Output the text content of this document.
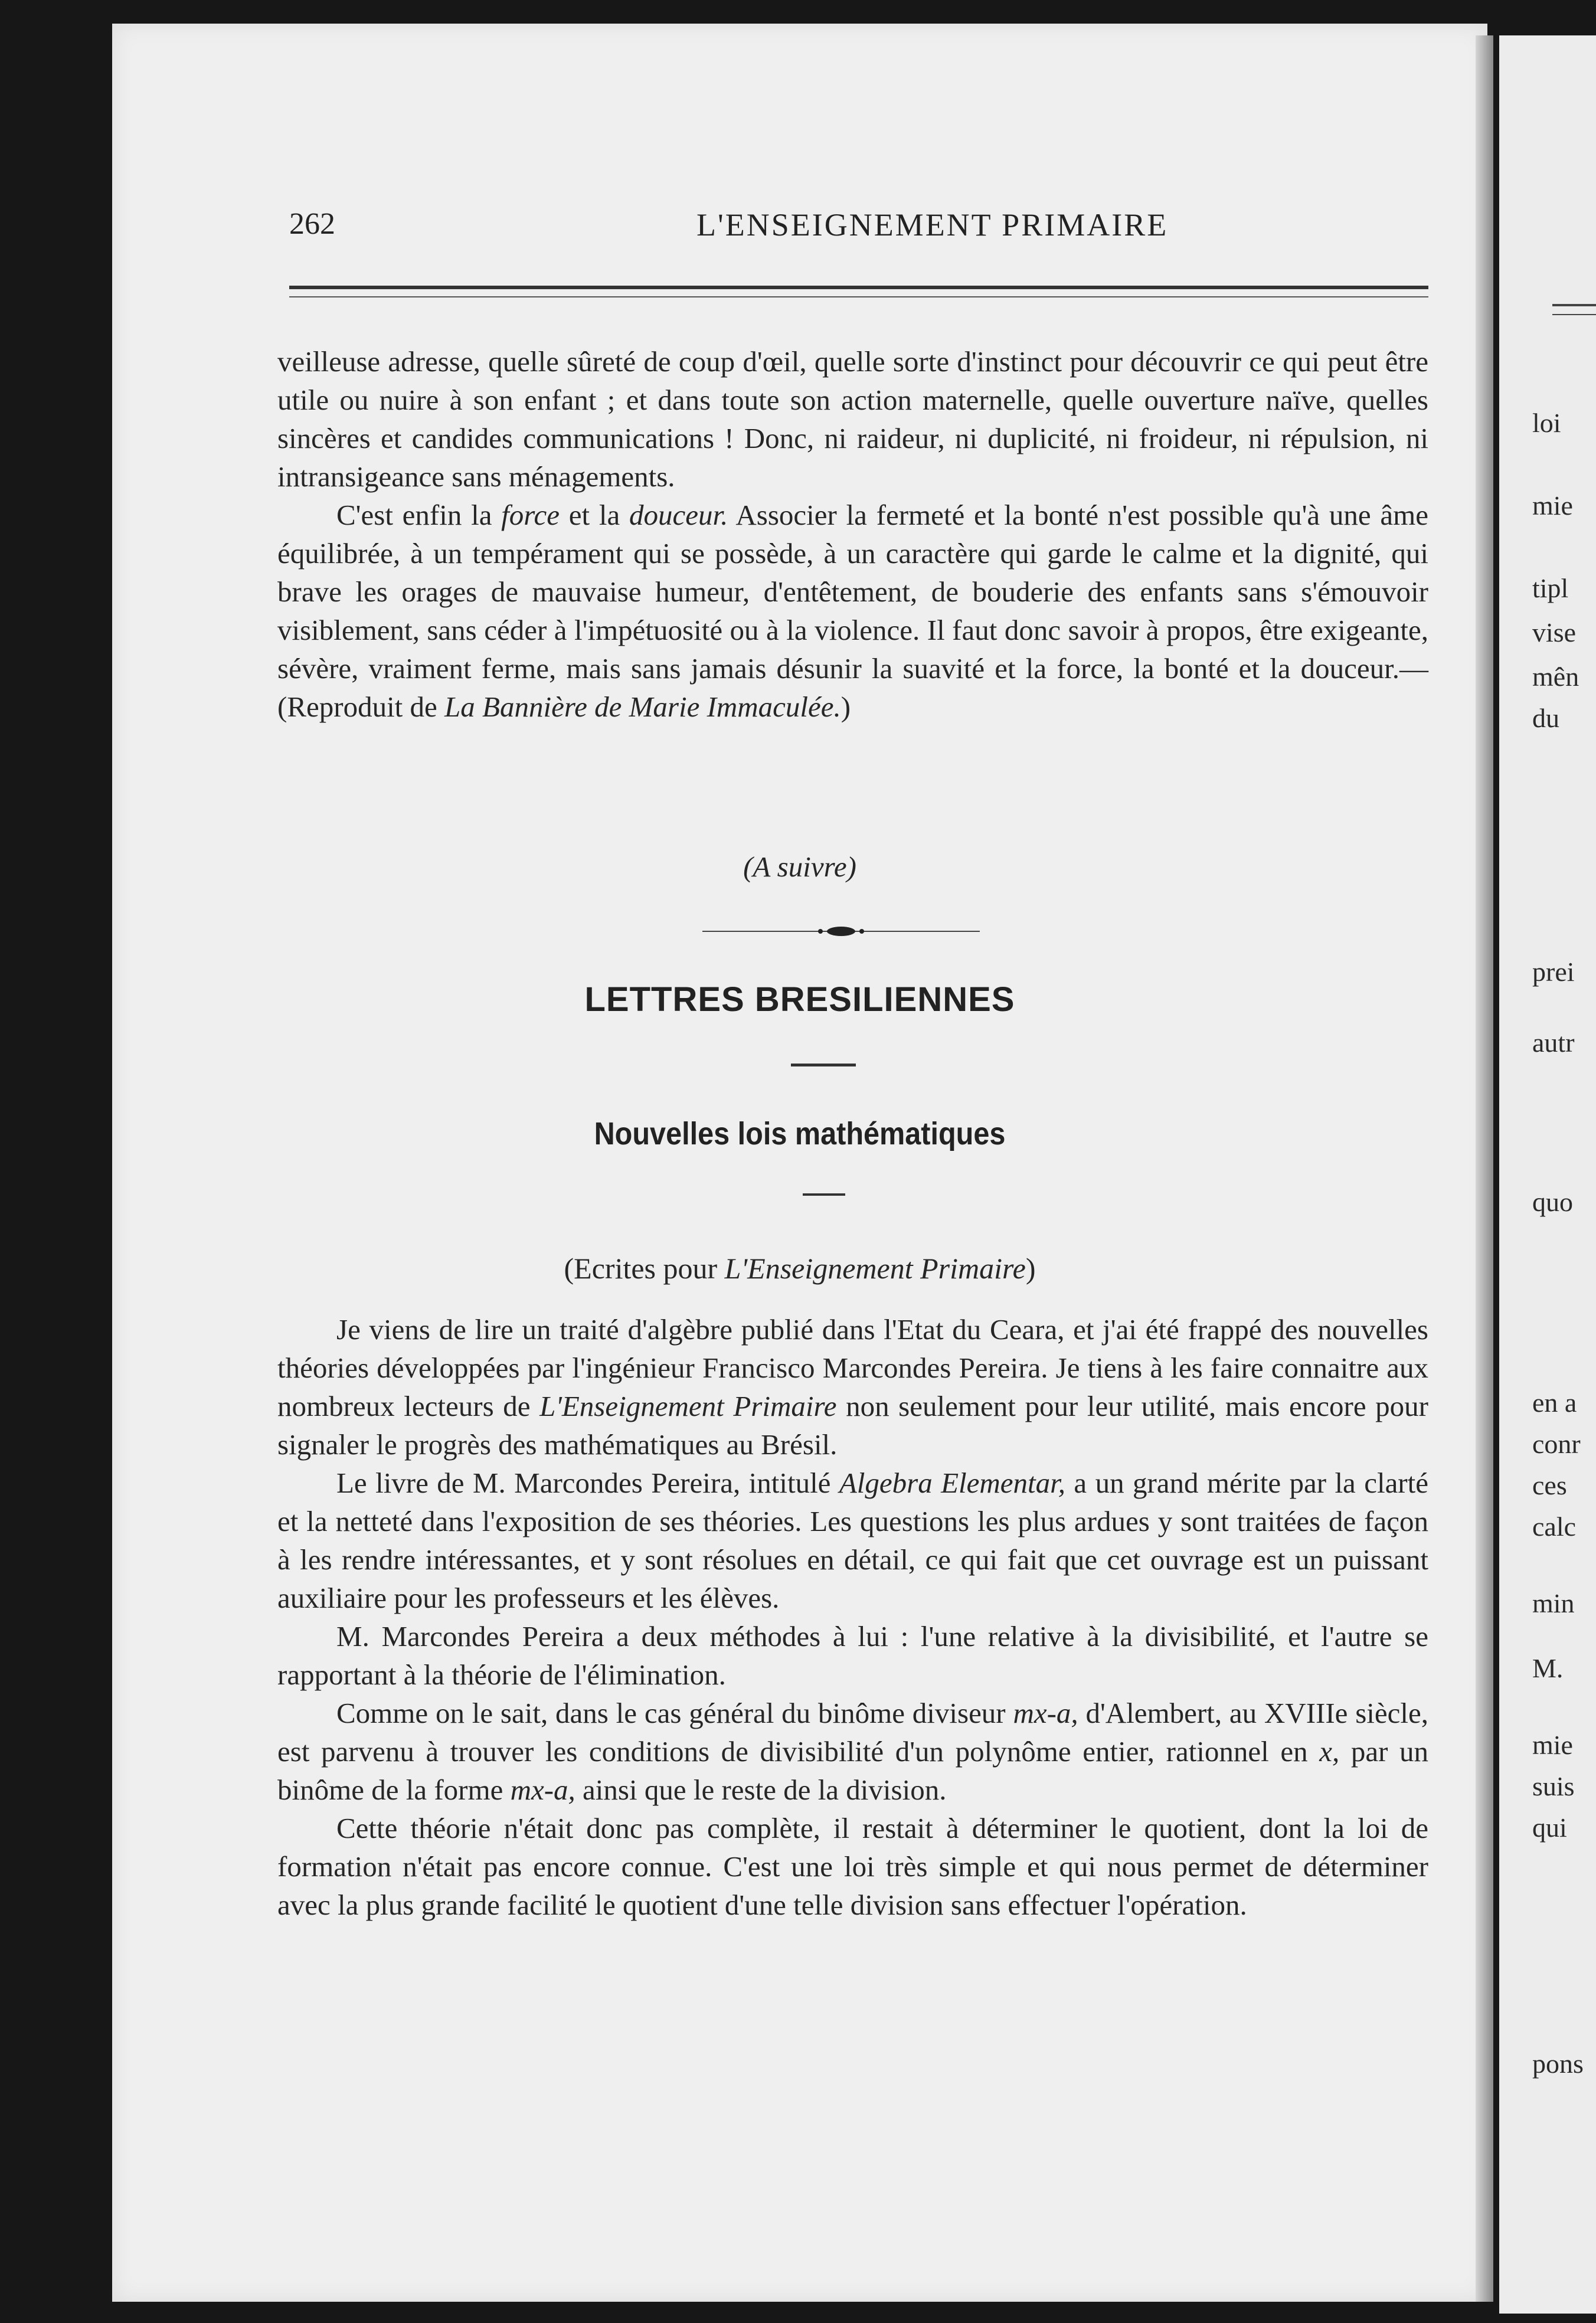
loi
mie
tipl
vise
mên
du
prei
autr
quo
en a
conr
ces
calc
min
M.
mie
suis
qui
pons
262	L'ENSEIGNEMENT PRIMAIRE

veilleuse adresse, quelle sûreté de coup d'œil, quelle sorte d'instinct pour découvrir ce qui peut être utile ou nuire à son enfant ; et dans toute son action maternelle, quelle ouverture naïve, quelles sincères et candides communications ! Donc, ni raideur, ni duplicité, ni froideur, ni répulsion, ni intransigeance sans ménagements.

C'est enfin la force et la douceur. Associer la fermeté et la bonté n'est possible qu'à une âme équilibrée, à un tempérament qui se possède, à un caractère qui garde le calme et la dignité, qui brave les orages de mauvaise humeur, d'entêtement, de bouderie des enfants sans s'émouvoir visiblement, sans céder à l'impétuosité ou à la violence. Il faut donc savoir à propos, être exigeante, sévère, vraiment ferme, mais sans jamais désunir la suavité et la force, la bonté et la douceur.—(Reproduit de La Bannière de Marie Immaculée.)

(A suivre)
LETTRES BRESILIENNES
Nouvelles lois mathématiques
(Ecrites pour L'Enseignement Primaire)

Je viens de lire un traité d'algèbre publié dans l'Etat du Ceara, et j'ai été frappé des nouvelles théories développées par l'ingénieur Francisco Marcondes Pereira. Je tiens à les faire connaitre aux nombreux lecteurs de L'Enseignement Primaire non seulement pour leur utilité, mais encore pour signaler le progrès des mathématiques au Brésil.

Le livre de M. Marcondes Pereira, intitulé Algebra Elementar, a un grand mérite par la clarté et la netteté dans l'exposition de ses théories. Les questions les plus ardues y sont traitées de façon à les rendre intéressantes, et y sont résolues en détail, ce qui fait que cet ouvrage est un puissant auxiliaire pour les professeurs et les élèves.

M. Marcondes Pereira a deux méthodes à lui : l'une relative à la divisibilité, et l'autre se rapportant à la théorie de l'élimination.

Comme on le sait, dans le cas général du binôme diviseur mx-a, d'Alembert, au XVIIIe siècle, est parvenu à trouver les conditions de divisibilité d'un polynôme entier, rationnel en x, par un binôme de la forme mx-a, ainsi que le reste de la division.

Cette théorie n'était donc pas complète, il restait à déterminer le quotient, dont la loi de formation n'était pas encore connue. C'est une loi très simple et qui nous permet de déterminer avec la plus grande facilité le quotient d'une telle division sans effectuer l'opération.
